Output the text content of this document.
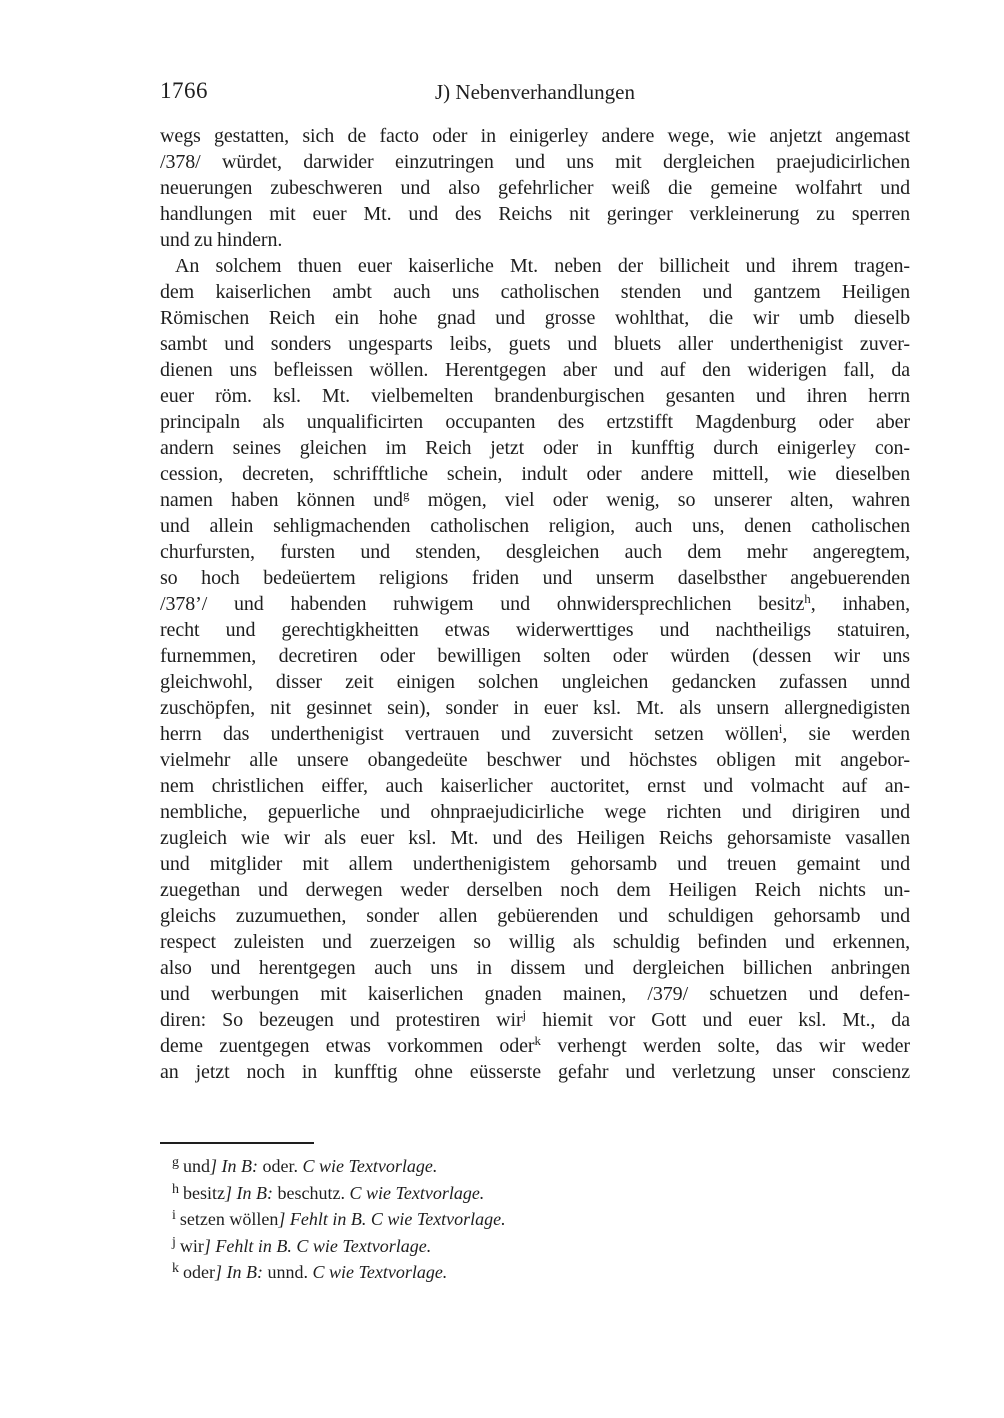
1766	J) Nebenverhandlungen
wegs gestatten, sich de facto oder in einigerley andere wege, wie anjetzt angemast
/378/ würdet, darwider einzutringen und uns mit dergleichen praejudicirlichen
neuerungen zubeschweren und also gefehrlicher weiß die gemeine wolfahrt und
handlungen mit euer Mt. und des Reichs nit geringer verkleinerung zu sperren
und zu hindern.
An solchem thuen euer kaiserliche Mt. neben der billicheit und ihrem tragen-
dem kaiserlichen ambt auch uns catholischen stenden und gantzem Heiligen
Römischen Reich ein hohe gnad und grosse wohlthat, die wir umb dieselb
sambt und sonders ungesparts leibs, guets und bluets aller underthenigist zuver-
dienen uns befleissen wöllen. Herentgegen aber und auf den widerigen fall, da
euer röm. ksl. Mt. vielbemelten brandenburgischen gesanten und ihren herrn
principaln als unqualificirten occupanten des ertzstifft Magdenburg oder aber
andern seines gleichen im Reich jetzt oder in kunfftig durch einigerley con-
cession, decreten, schrifftliche schein, indult oder andere mittell, wie dieselben
namen haben können und$^g$ mögen, viel oder wenig, so unserer alten, wahren
und allein sehligmachenden catholischen religion, auch uns, denen catholischen
churfursten, fursten und stenden, desgleichen auch dem mehr angeregtem,
so hoch bedeüertem religions friden und unserm daselbsther angebuerenden
/378’/ und habenden ruhwigem und ohnwidersprechlichen besitz$^h$, inhaben,
recht und gerechtigkheitten etwas widerwerttiges und nachtheiligs statuiren,
furnemmen, decretiren oder bewilligen solten oder würden (dessen wir uns
gleichwohl, disser zeit einigen solchen ungleichen gedancken zufassen unnd
zuschöpfen, nit gesinnet sein), sonder in euer ksl. Mt. als unsern allergnedigisten
herrn das underthenigist vertrauen und zuversicht setzen wöllen$^i$, sie werden
vielmehr alle unsere obangedeüte beschwer und höchstes obligen mit angebor-
nem christlichen eiffer, auch kaiserlicher auctoritet, ernst und volmacht auf an-
nembliche, gepuerliche und ohnpraejudicirliche wege richten und dirigiren und
zugleich wie wir als euer ksl. Mt. und des Heiligen Reichs gehorsamiste vasallen
und mitglider mit allem underthenigistem gehorsamb und treuen gemaint und
zuegethan und derwegen weder derselben noch dem Heiligen Reich nichts un-
gleichs zuzumuethen, sonder allen gebüerenden und schuldigen gehorsamb und
respect zuleisten und zuerzeigen so willig als schuldig befinden und erkennen,
also und herentgegen auch uns in dissem und dergleichen billichen anbringen
und werbungen mit kaiserlichen gnaden mainen, /379/ schuetzen und defen-
diren: So bezeugen und protestiren wir$^j$ hiemit vor Gott und euer ksl. Mt., da
deme zuentgegen etwas vorkommen oder$^k$ verhengt werden solte, das wir weder
an jetzt noch in kunfftig ohne eüsserste gefahr und verletzung unser conscienz
$^g$ und] In B: oder. C wie Textvorlage.
$^h$ besitz] In B: beschutz. C wie Textvorlage.
$^i$ setzen wöllen] Fehlt in B. C wie Textvorlage.
$^j$ wir] Fehlt in B. C wie Textvorlage.
$^k$ oder] In B: unnd. C wie Textvorlage.
